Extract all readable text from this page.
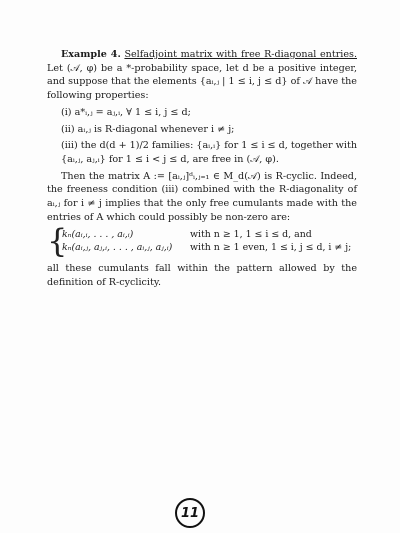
Example 4. Selfadjoint matrix with free R-diagonal entries. Let (𝒜, φ) be a *-probability space, let d be a positive integer, and suppose that the elements {aᵢ,ⱼ | 1 ≤ i, j ≤ d} of 𝒜 have the following properties:

(i) a*ᵢ,ⱼ = aⱼ,ᵢ, ∀ 1 ≤ i, j ≤ d;

(ii) aᵢ,ⱼ is R-diagonal whenever i ≠ j;

(iii) the d(d + 1)/2 families: {aᵢ,ᵢ} for 1 ≤ i ≤ d, together with {aᵢ,ⱼ, aⱼ,ᵢ} for 1 ≤ i < j ≤ d, are free in (𝒜, φ).

Then the matrix A := [aᵢ,ⱼ]ᵈᵢ,ⱼ₌₁ ∈ M_d(𝒜) is R-cyclic. Indeed, the freeness condition (iii) combined with the R-diagonality of aᵢ,ⱼ for i ≠ j implies that the only free cumulants made with the entries of A which could possibly be non-zero are:

{
kₙ(aᵢ,ᵢ, . . . , aᵢ,ᵢ)	with n ≥ 1, 1 ≤ i ≤ d, and
kₙ(aᵢ,ⱼ, aⱼ,ᵢ, . . . , aᵢ,ⱼ, aⱼ,ᵢ)	with n ≥ 1 even, 1 ≤ i, j ≤ d, i ≠ j;

all these cumulants fall within the pattern allowed by the definition of R-cyclicity.

11
